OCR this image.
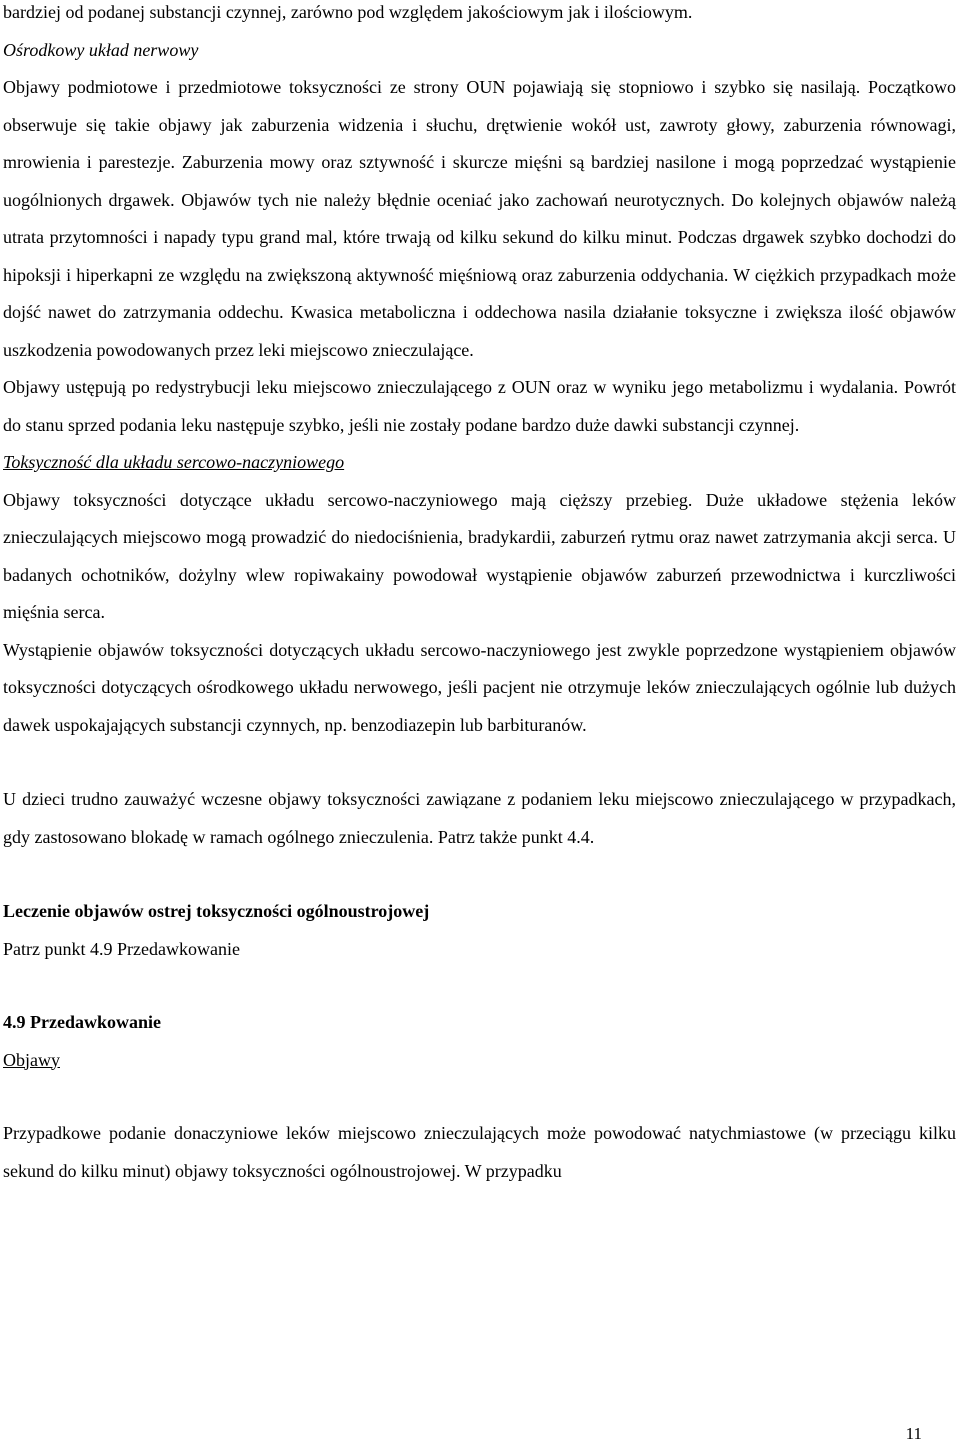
bardziej od podanej substancji czynnej, zarówno pod względem jakościowym jak i ilościowym.

Ośrodkowy układ nerwowy

Objawy podmiotowe i przedmiotowe toksyczności ze strony OUN pojawiają się stopniowo i szybko się nasilają. Początkowo obserwuje się takie objawy jak zaburzenia widzenia i słuchu, drętwienie wokół ust, zawroty głowy, zaburzenia równowagi, mrowienia i parestezje. Zaburzenia mowy oraz sztywność i skurcze mięśni są bardziej nasilone i mogą poprzedzać wystąpienie uogólnionych drgawek. Objawów tych nie należy błędnie oceniać jako zachowań neurotycznych. Do kolejnych objawów należą utrata przytomności i napady typu grand mal, które trwają od kilku sekund do kilku minut. Podczas drgawek szybko dochodzi do hipoksji i hiperkapni ze względu na zwiększoną aktywność mięśniową oraz zaburzenia oddychania. W ciężkich przypadkach może dojść nawet do zatrzymania oddechu. Kwasica metaboliczna i oddechowa nasila działanie toksyczne i zwiększa ilość objawów uszkodzenia powodowanych przez leki miejscowo znieczulające.

Objawy ustępują po redystrybucji leku miejscowo znieczulającego z OUN oraz w wyniku jego metabolizmu i wydalania. Powrót do stanu sprzed podania leku następuje szybko, jeśli nie zostały podane bardzo duże dawki substancji czynnej.

Toksyczność dla układu sercowo-naczyniowego

Objawy toksyczności dotyczące układu sercowo-naczyniowego mają cięższy przebieg. Duże układowe stężenia leków znieczulających miejscowo mogą prowadzić do niedociśnienia, bradykardii, zaburzeń rytmu oraz nawet zatrzymania akcji serca. U badanych ochotników, dożylny wlew ropiwakainy powodował wystąpienie objawów zaburzeń przewodnictwa i kurczliwości mięśnia serca.

Wystąpienie objawów toksyczności dotyczących układu sercowo-naczyniowego jest zwykle poprzedzone wystąpieniem objawów toksyczności dotyczących ośrodkowego układu nerwowego, jeśli pacjent nie otrzymuje leków znieczulających ogólnie lub dużych dawek uspokajających substancji czynnych, np. benzodiazepin lub barbituranów.

U dzieci trudno zauważyć wczesne objawy toksyczności zawiązane z podaniem leku miejscowo znieczulającego w przypadkach, gdy zastosowano blokadę w ramach ogólnego znieczulenia. Patrz także punkt 4.4.

Leczenie objawów ostrej toksyczności ogólnoustrojowej

Patrz punkt 4.9 Przedawkowanie

4.9 Przedawkowanie

Objawy

Przypadkowe podanie donaczyniowe leków miejscowo znieczulających może powodować natychmiastowe (w przeciągu kilku sekund do kilku minut) objawy toksyczności ogólnoustrojowej. W przypadku

11
